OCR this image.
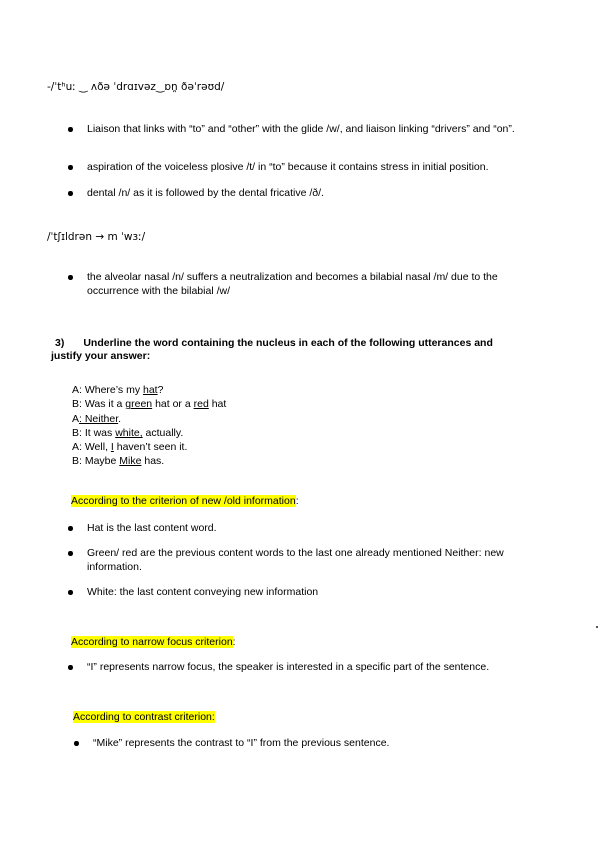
-/ˈtʰuː ‿ ʌðə ˈdrɑɪvəz‿ɒn̪ ðəˈrəʊd/
Liaison that links with “to” and “other” with the glide /w/, and liaison linking “drivers” and “on”.
aspiration of the voiceless plosive /t/ in “to” because it contains stress in initial position.
dental /n/ as it is followed by the dental fricative /ð/.
/ˈtʃɪldrən → m ˈwɜː/
the alveolar nasal /n/ suffers a neutralization and becomes a bilabial nasal /m/ due to the occurrence with the bilabial /w/
3) Underline the word containing the nucleus in each of the following utterances and
justify your answer:
A: Where’s my hat?
B: Was it a green hat or a red hat
A: Neither.
B: It was white, actually.
A: Well, I haven’t seen it.
B: Maybe Mike has.
According to the criterion of new /old information:
Hat is the last content word.
Green/ red are the previous content words to the last one already mentioned Neither: new information.
White: the last content conveying new information
According to narrow focus criterion:
“I” represents narrow focus, the speaker is interested in a specific part of the sentence.
According to contrast criterion:
“Mike” represents the contrast to “I” from the previous sentence.
